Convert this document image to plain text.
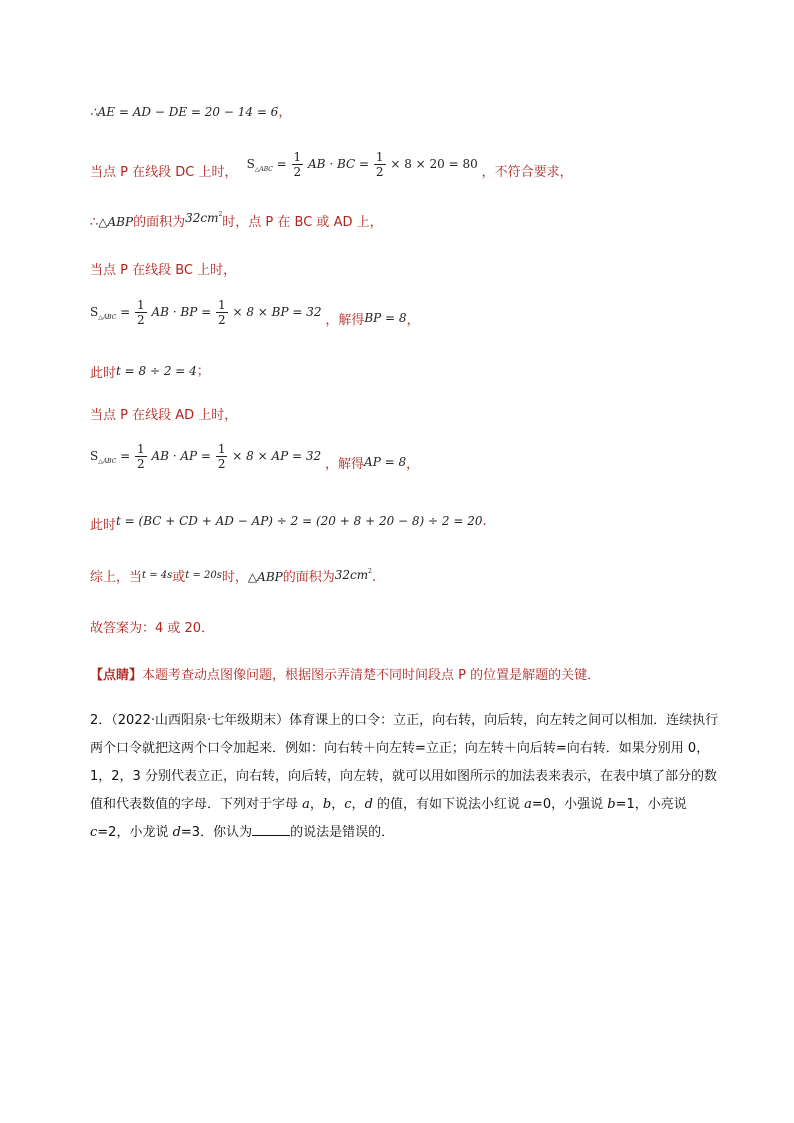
∴AE = AD − DE = 20 − 14 = 6，
$_{当点 P 在线段 DC 上时,}$ $S_{\triangle ABC} = \frac{1}{2}$ AB · BC = $\frac{1}{2} \times 8 \times 20 = 80$ $_{,不符合要求,}$
∴△ABP的面积为$^{32cm^2}$时，点 P 在 BC 或 AD 上，
当点 P 在线段 BC 上时，
$S_{\triangle ABC} = \frac{1}{2}$ AB · BP = $\frac{1}{2} \times 8$ × BP = 32 $_{,解得BP = 8,}$
此时t = 8 ÷ 2 = 4；
当点 P 在线段 AD 上时，
$S_{\triangle ABC} = \frac{1}{2}$ AB · AP = $\frac{1}{2} \times 8$ × AP = 32 $_{,解得AP = 8,}$
$_{此时}$t = (BC + CD + AD − AP) ÷ 2 = (20 + 8 + 20 − 8) ÷ 2 = 20.
综上，当t = 4s或t = 20s时，△ABP的面积为$32cm^2$.
故答案为：4 或 20．
【点睛】本题考查动点图像问题，根据图示弄清楚不同时间段点 P 的位置是解题的关键．
2．（2022·山西阳泉·七年级期末）体育课上的口令：立正，向右转，向后转，向左转之间可以相加．连续执行两个口令就把这两个口令加起来．例如：向右转＋向左转=立正；向左转＋向后转=向右转．如果分别用 0，1，2，3 分别代表立正，向右转，向后转，向左转，就可以用如图所示的加法表来表示，在表中填了部分的数值和代表数值的字母．下列对于字母 a，b，c，d 的值，有如下说法小红说 a=0，小强说 b=1，小亮说 c=2，小龙说 d=3．你认为	的说法是错误的．
